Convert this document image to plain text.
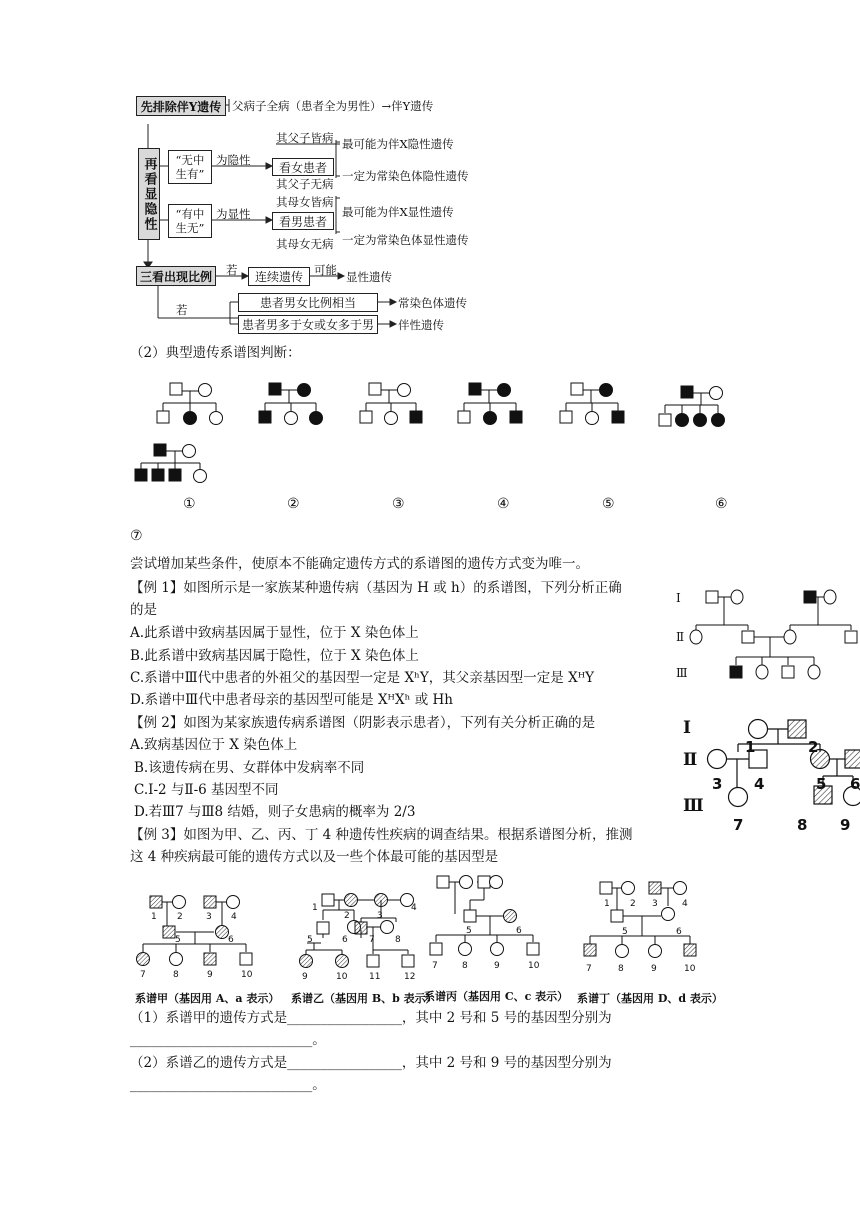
先排除伴Y遗传 父病子全病（患者全为男性）→伴Y遗传
再看显隐性	“无中生有”
为隐性
看女患者
其父子皆病 最可能为伴X隐性遗传
其父子无病
一定为常染色体隐性遗传
“有中生无”
为显性
看男患者
其母女皆病
最可能为伴X显性遗传
其母女无病 一定为常染色体显性遗传
三看出现比例	若	连续遗传 可能 显性遗传
若	患者男女比例相当	常染色体遗传
患者男多于女或女多于男	伴性遗传
（2）典型遗传系谱图判断：
①	②	③	④	⑤	⑥
⑦
尝试增加某些条件，使原本不能确定遗传方式的系谱图的遗传方式变为唯一。
【例 1】如图所示是一家族某种遗传病（基因为 H 或 h）的系谱图，下列分析正确
的是
A.此系谱中致病基因属于显性，位于 X 染色体上
B.此系谱中致病基因属于隐性，位于 X 染色体上
C.系谱中Ⅲ代中患者的外祖父的基因型一定是 XʰY，其父亲基因型一定是 XᴴY
D.系谱中Ⅲ代中患者母亲的基因型可能是 XᴴXʰ 或 Hh
Ⅰ
Ⅱ
Ⅲ
【例 2】如图为某家族遗传病系谱图（阴影表示患者），下列有关分析正确的是
A.致病基因位于 X 染色体上
B.该遗传病在男、女群体中发病率不同
C.Ⅰ-2 与Ⅱ-6 基因型不同
D.若Ⅲ7 与Ⅲ8 结婚，则子女患病的概率为 2/3
Ⅰ
Ⅱ
Ⅲ
1	2
3 4	5 6
7	8 9
【例 3】如图为甲、乙、丙、丁 4 种遗传性疾病的调查结果。根据系谱图分析，推测
这 4 种疾病最可能的遗传方式以及一些个体最可能的基因型是
1 2	3 4
5	6
7	8	9	10
1
2	3
4
5	6 7 8
9	10 11	12
5	6
7	8	9	10
1 2 3	4
5	6
7	8	9	10
系谱甲（基因用 A、a 表示） 系谱乙（基因用 B、b 表示）
系谱丙（基因用 C、c 表示） 系谱丁（基因用 D、d 表示）
（1）系谱甲的遗传方式是_________________，其中 2 号和 5 号的基因型分别为
___________________________。
（2）系谱乙的遗传方式是_________________，其中 2 号和 9 号的基因型分别为
___________________________。
